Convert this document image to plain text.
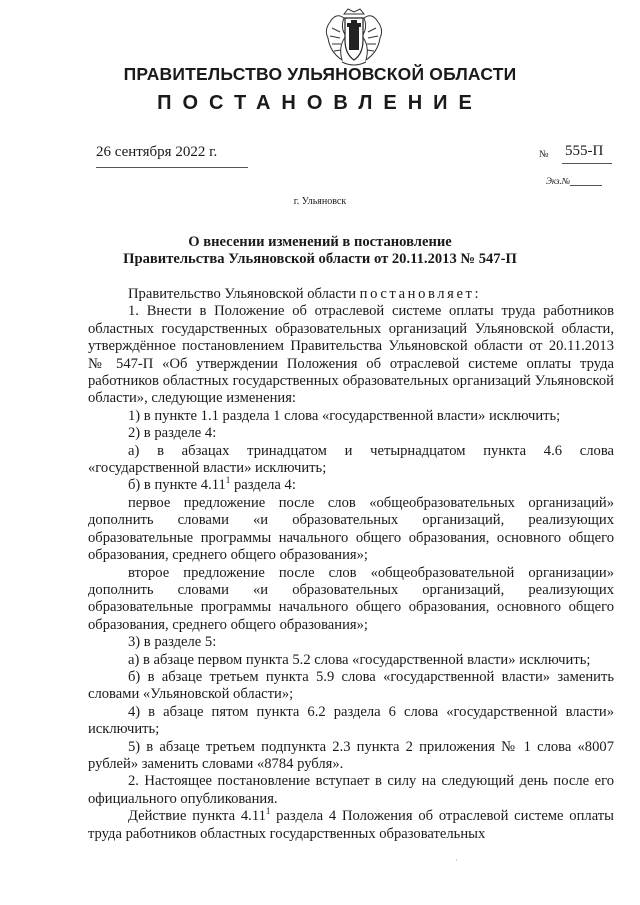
ПРАВИТЕЛЬСТВО УЛЬЯНОВСКОЙ ОБЛАСТИ
ПОСТАНОВЛЕНИЕ
26 сентября 2022 г.	№ 555-П
Экз.№
г. Ульяновск
О внесении изменений в постановление
Правительства Ульяновской области от 20.11.2013 № 547-П

Правительство Ульяновской области постановляет:

1. Внести в Положение об отраслевой системе оплаты труда работников областных государственных образовательных организаций Ульяновской области, утверждённое постановлением Правительства Ульяновской области от 20.11.2013 № 547-П «Об утверждении Положения об отраслевой системе оплаты труда работников областных государственных образовательных организаций Ульяновской области», следующие изменения:

1) в пункте 1.1 раздела 1 слова «государственной власти» исключить;

2) в разделе 4:

а) в абзацах тринадцатом и четырнадцатом пункта 4.6 слова «государственной власти» исключить;

б) в пункте 4.11$^1$ раздела 4:

первое предложение после слов «общеобразовательных организаций» дополнить словами «и образовательных организаций, реализующих образовательные программы начального общего образования, основного общего образования, среднего общего образования»;

второе предложение после слов «общеобразовательной организации» дополнить словами «и образовательных организаций, реализующих образовательные программы начального общего образования, основного общего образования, среднего общего образования»;

3) в разделе 5:

а) в абзаце первом пункта 5.2 слова «государственной власти» исключить;

б) в абзаце третьем пункта 5.9 слова «государственной власти» заменить словами «Ульяновской области»;

4) в абзаце пятом пункта 6.2 раздела 6 слова «государственной власти» исключить;

5) в абзаце третьем подпункта 2.3 пункта 2 приложения № 1 слова «8007 рублей» заменить словами «8784 рубля».

2. Настоящее постановление вступает в силу на следующий день после его официального опубликования.

Действие пункта 4.11$^1$ раздела 4 Положения об отраслевой системе оплаты труда работников областных государственных образовательных

·
